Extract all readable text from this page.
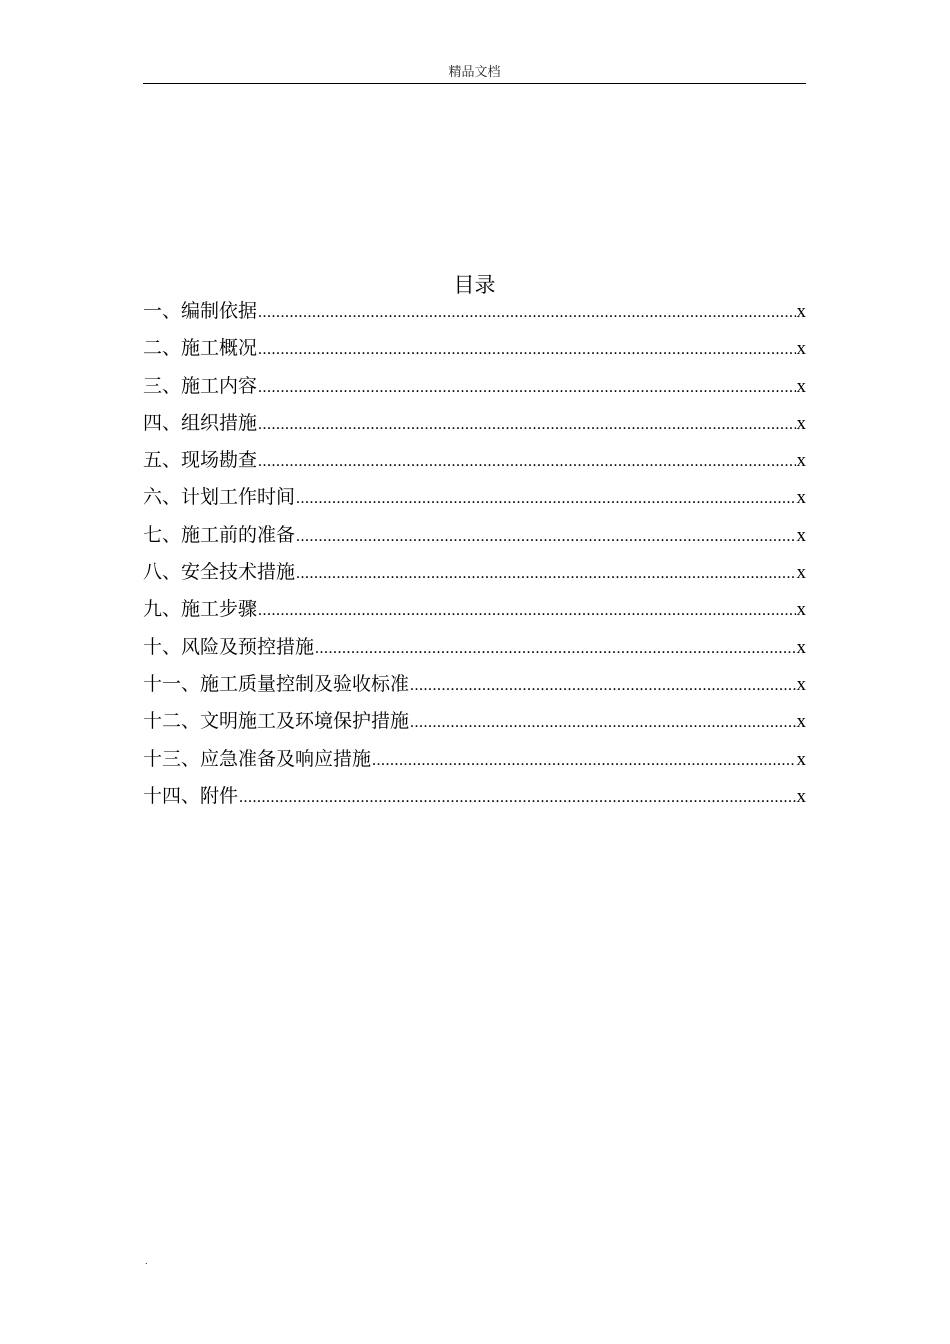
精品文档
目录
一、编制依据 .....	x
二、施工概况 .....	x
三、施工内容 .....	x
四、组织措施 .....	x
五、现场勘查 .....	x
六、计划工作时间 .....	x
七、施工前的准备 .....	x
八、安全技术措施 .....	x
九、施工步骤 .....	x
十、风险及预控措施 .....	x
十一、施工质量控制及验收标准 .....	x
十二、文明施工及环境保护措施 .....	x
十三、应急准备及响应措施 .....	x
十四、附件 .....	x
.
